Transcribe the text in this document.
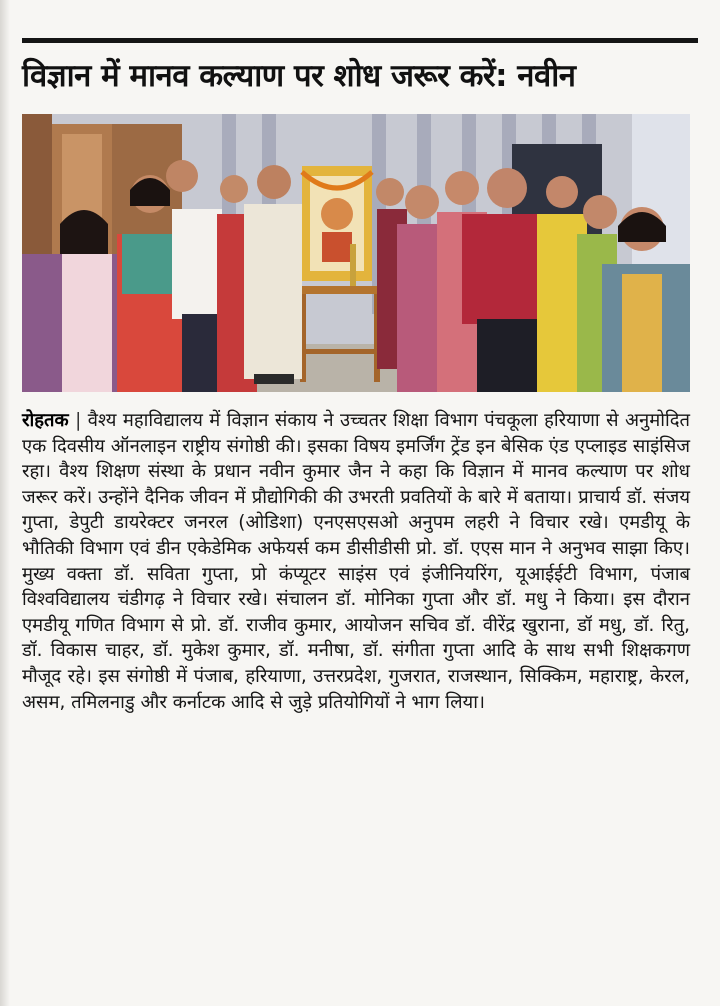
विज्ञान में मानव कल्याण पर शोध जरूर करें: नवीन
रोहतक | वैश्य महाविद्यालय में विज्ञान संकाय ने उच्चतर शिक्षा विभाग पंचकूला हरियाणा से अनुमोदित एक दिवसीय ऑनलाइन राष्ट्रीय संगोष्ठी की। इसका विषय इमर्जिंग ट्रेंड इन बेसिक एंड एप्लाइड साइंसिज रहा। वैश्य शिक्षण संस्था के प्रधान नवीन कुमार जैन ने कहा कि विज्ञान में मानव कल्याण पर शोध जरूर करें। उन्होंने दैनिक जीवन में प्रौद्योगिकी की उभरती प्रवतियों के बारे में बताया। प्राचार्य डॉ. संजय गुप्ता, डेपुटी डायरेक्टर जनरल (ओडिशा) एनएसएसओ अनुपम लहरी ने विचार रखे। एमडीयू के भौतिकी विभाग एवं डीन एकेडेमिक अफेयर्स कम डीसीडीसी प्रो. डॉ. एएस मान ने अनुभव साझा किए। मुख्य वक्ता डॉ. सविता गुप्ता, प्रो कंप्यूटर साइंस एवं इंजीनियरिंग, यूआईईटी विभाग, पंजाब विश्वविद्यालय चंडीगढ़ ने विचार रखे। संचालन डॉ. मोनिका गुप्ता और डॉ. मधु ने किया। इस दौरान एमडीयू गणित विभाग से प्रो. डॉ. राजीव कुमार, आयोजन सचिव डॉ. वीरेंद्र खुराना, डॉ मधु, डॉ. रितु, डॉ. विकास चाहर, डॉ. मुकेश कुमार, डॉ. मनीषा, डॉ. संगीता गुप्ता आदि के साथ सभी शिक्षकगण मौजूद रहे। इस संगोष्ठी में पंजाब, हरियाणा, उत्तरप्रदेश, गुजरात, राजस्थान, सिक्किम, महाराष्ट्र, केरल, असम, तमिलनाडु और कर्नाटक आदि से जुड़े प्रतियोगियों ने भाग लिया।
